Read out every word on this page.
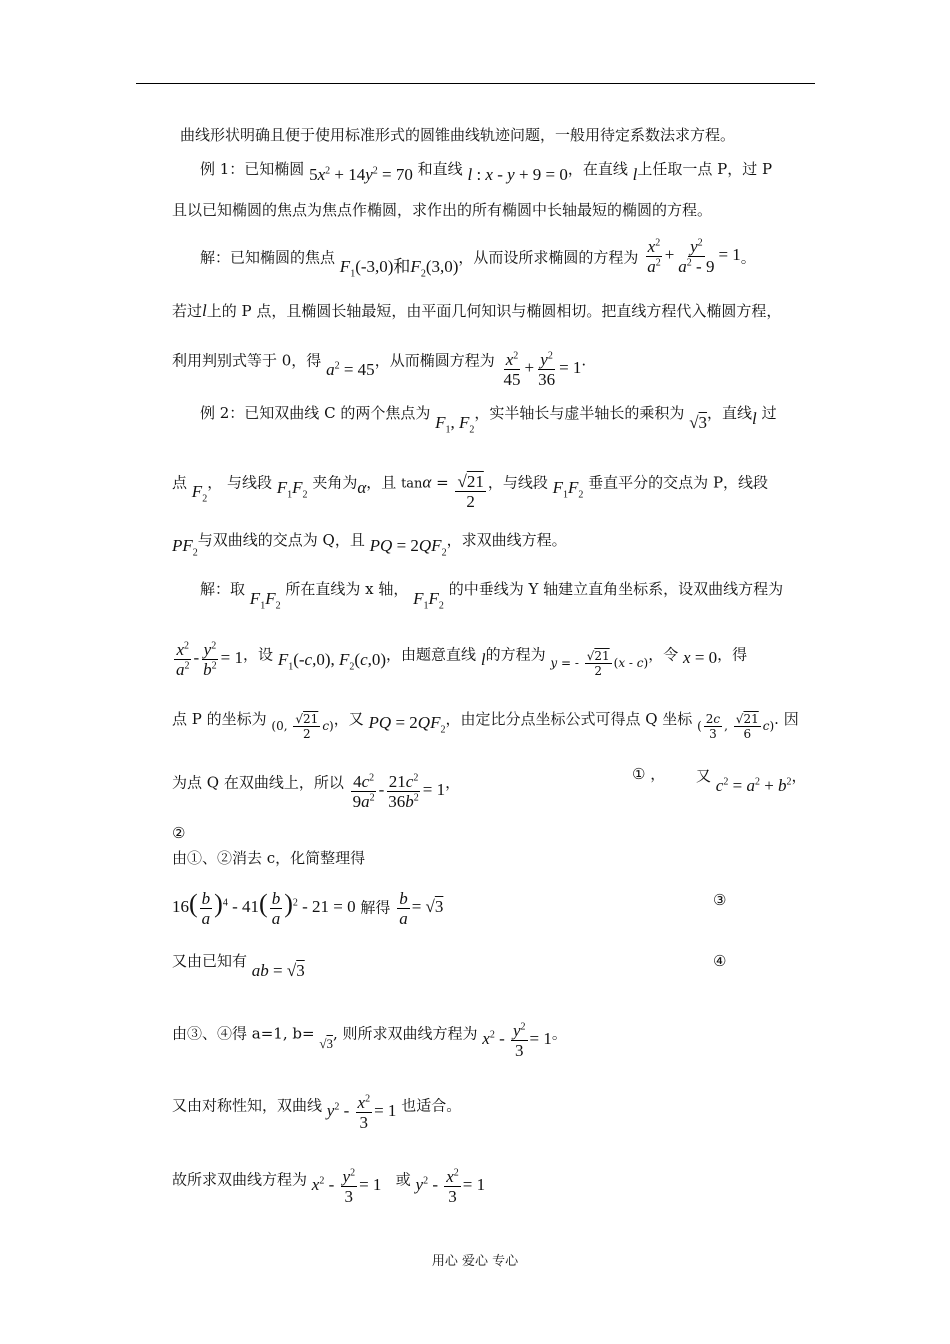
曲线形状明确且便于使用标准形式的圆锥曲线轨迹问题，一般用待定系数法求方程。
例 1：已知椭圆 $5x^2 + 14y^2 = 70$ 和直线 l : x - y + 9 = 0，在直线 l上任取一点 P，过 P
且以已知椭圆的焦点为焦点作椭圆，求作出的所有椭圆中长轴最短的椭圆的方程。
解：已知椭圆的焦点 $F_1(-3,0)$和$F_2(3,0)$，从而设所求椭圆的方程为 $\frac{x^2}{a^2} + \frac{y^2}{a^2 - 9} = 1$。
若过l上的 P 点，且椭圆长轴最短，由平面几何知识与椭圆相切。把直线方程代入椭圆方程，
利用判别式等于 0，得 $a^2 = 45$，从而椭圆方程为 $\frac{x^2}{45} + \frac{y^2}{36} = 1$.
例 2：已知双曲线 C 的两个焦点为 $F_1$, $F_2$，实半轴长与虚半轴长的乘积为 √3，直线l 过
点 $F_2$， 与线段 $F_1F_2$ 夹角为α，且 $\tan\alpha = \frac{√21}{2}$ ，与线段 $F_1F_2$ 垂直平分的交点为 P，线段
$PF_2$与双曲线的交点为 Q，且 PQ = $2QF_2$，求双曲线方程。
解：取 $F_1F_2$ 所在直线为 x 轴， $F_1F_2$ 的中垂线为 Y 轴建立直角坐标系，设双曲线方程为
$\frac{x^2}{a^2} - \frac{y^2}{b^2} = 1$，设 $F_1(-c,0)$, $F_2(c,0)$，由题意直线 l的方程为 $_{y = - \frac{√21}{2} (x - c)}$，令 x = 0，得
点 P 的坐标为 $_{(0, \frac{√21}{2} c)}$，又 PQ = $2QF_2$，由定比分点坐标公式可得点 Q 坐标 $_{( \frac{2c}{3} , \frac{√21}{6} c)}$. 因
为点 Q 在双曲线上，所以 $\frac{4c^2}{9a^2} - \frac{21c^2}{36b^2} = 1$，	① ， 又 $c^2 = a^2 + b^2$，
②
由①、②消去 c，化简整理得
$16( \frac{b}{a} )^4 - 41( \frac{b}{a} )^2 - 21 = 0$ 解得 $\frac{b}{a} = √3$	③
又由已知有 ab = √3	④
由③、④得 a=1, b= √3, 则所求双曲线方程为 $x^2 - \frac{y^2}{3} = 1$。
又由对称性知，双曲线 $y^2 - \frac{x^2}{3} = 1$ 也适合。
故所求双曲线方程为 $x^2 - \frac{y^2}{3} = 1$ 或 $y^2 - \frac{x^2}{3} = 1$
用心 爱心 专心
